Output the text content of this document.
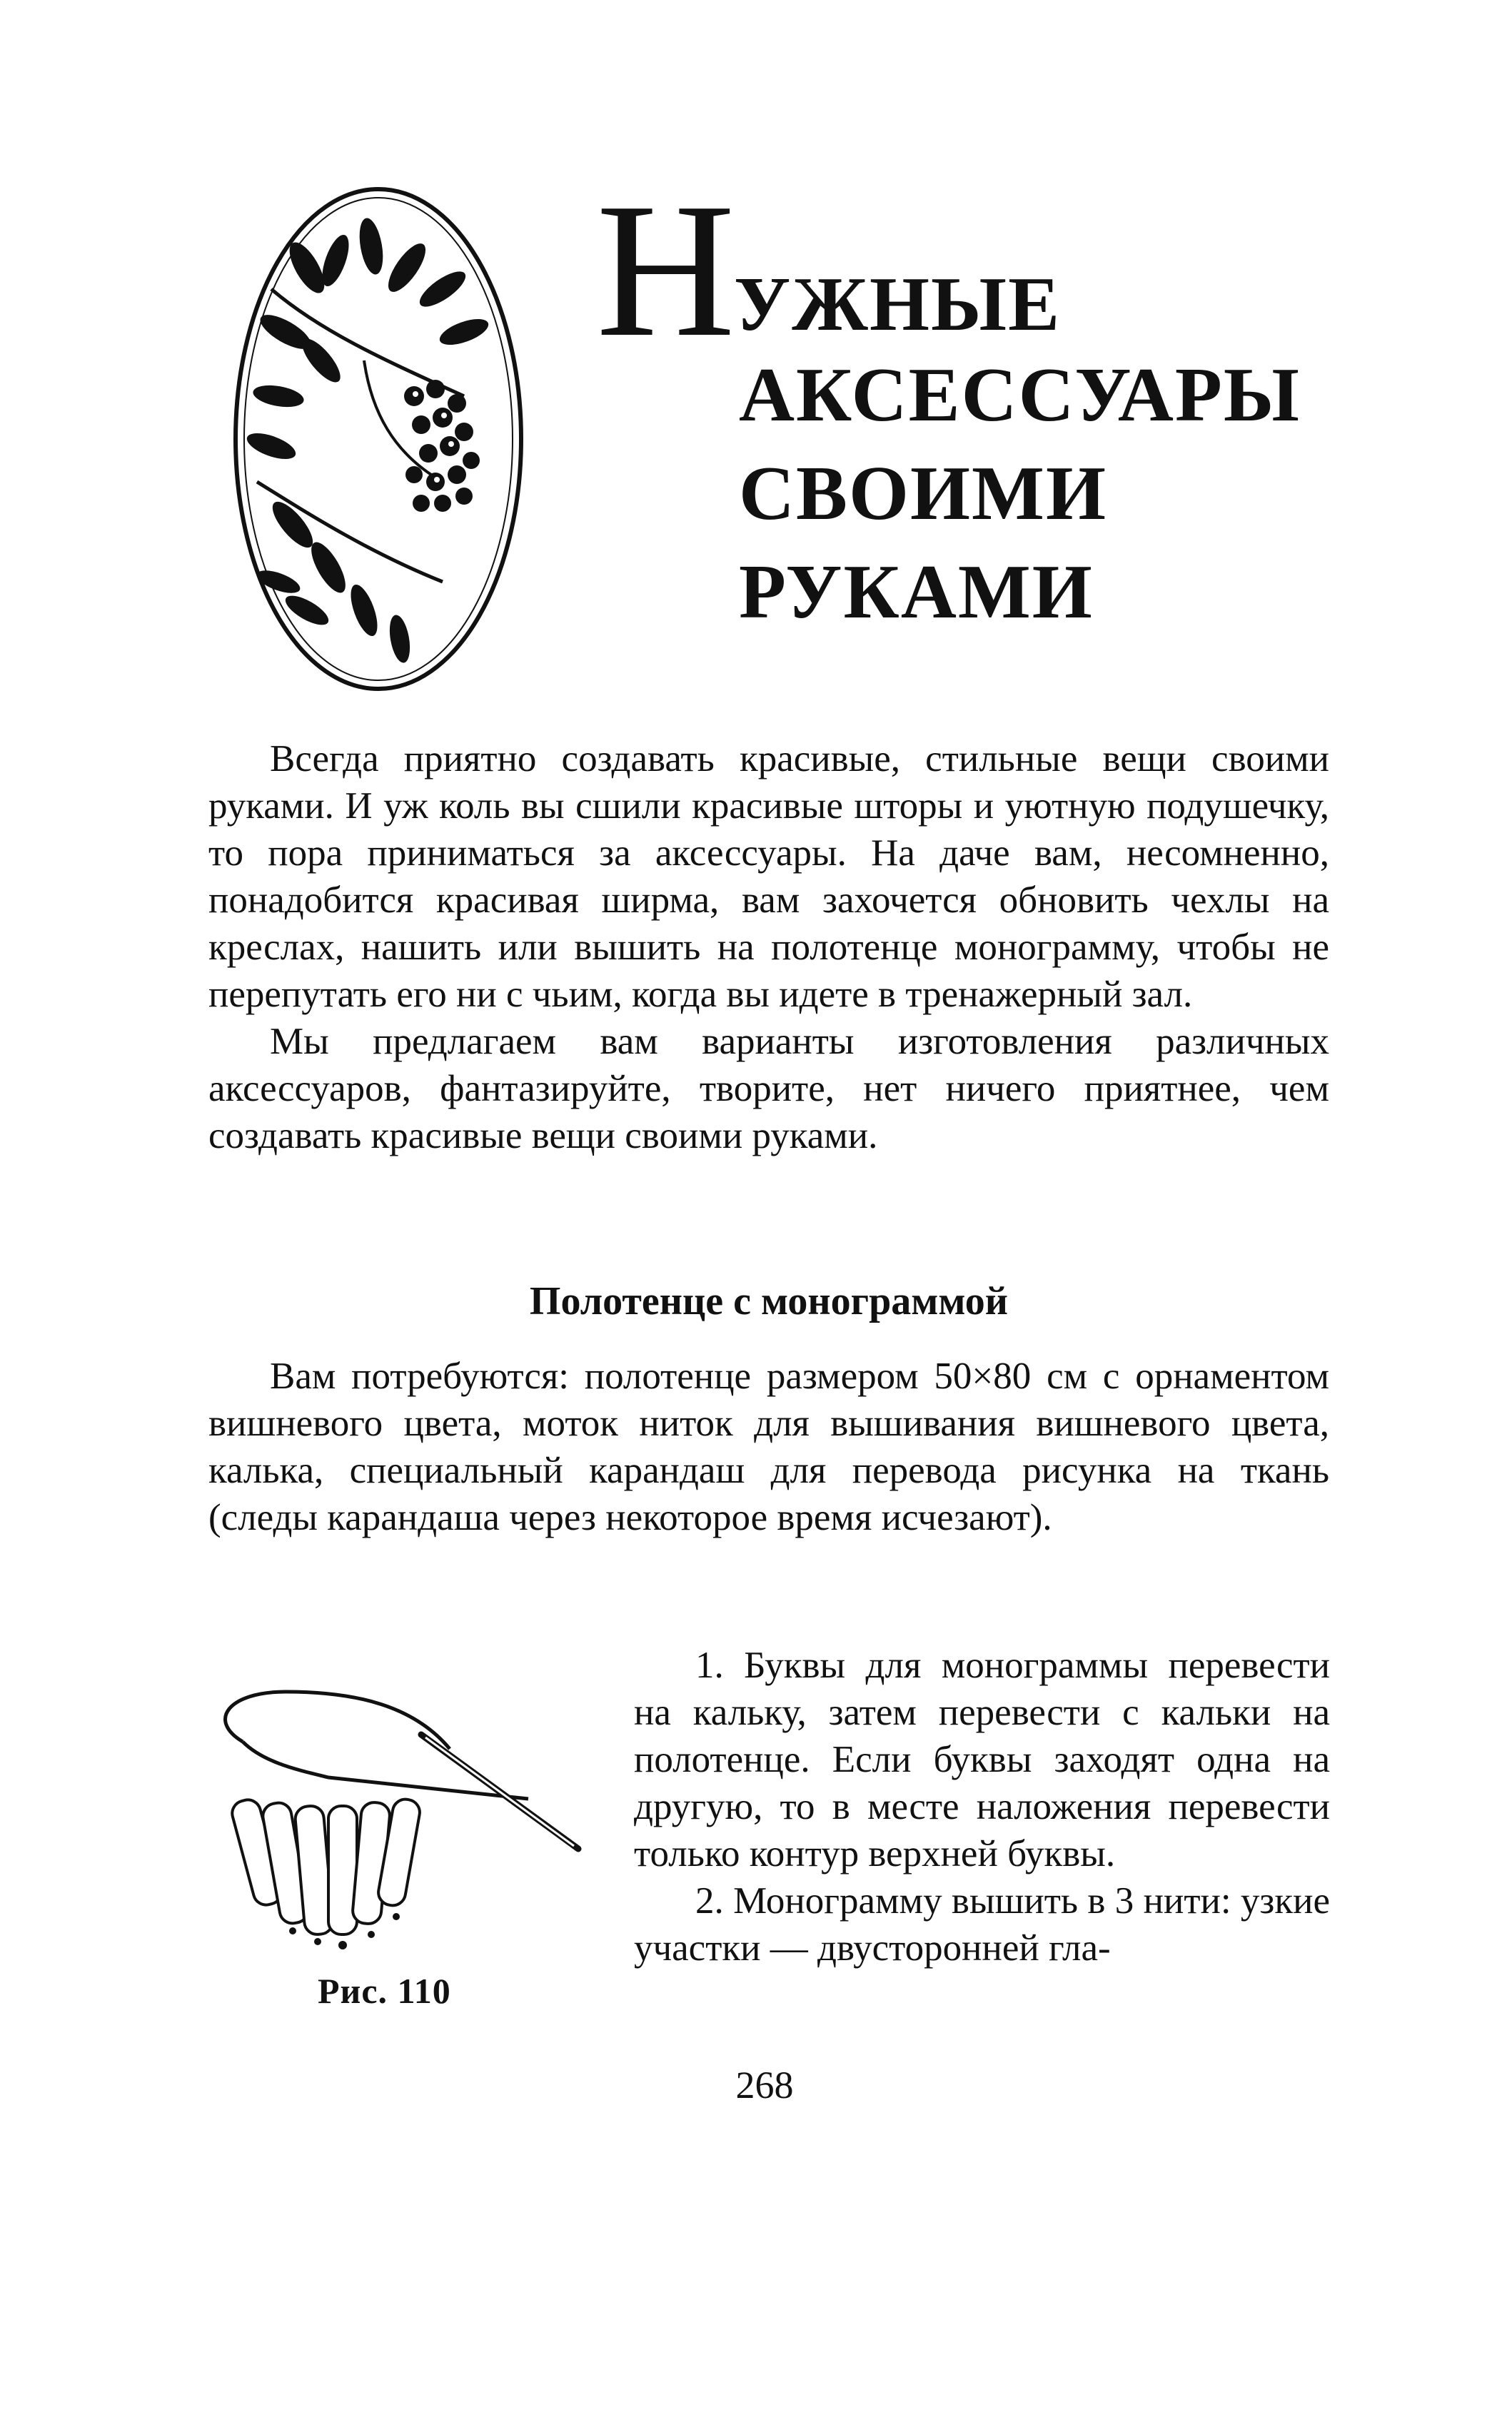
Н УЖНЫЕ
АКСЕССУАРЫ
СВОИМИ
РУКАМИ

Всегда приятно создавать красивые, стильные вещи своими руками. И уж коль вы сшили красивые шторы и уютную подушечку, то пора приниматься за аксессуары. На даче вам, несомненно, понадобится красивая ширма, вам захочется обновить чехлы на креслах, нашить или вышить на полотенце монограмму, чтобы не перепутать его ни с чьим, когда вы идете в тренажерный зал.

Мы предлагаем вам варианты изготовления различных аксессуаров, фантазируйте, творите, нет ничего приятнее, чем создавать красивые вещи своими руками.

Полотенце с монограммой

Вам потребуются: полотенце размером 50×80 см с орнаментом вишневого цвета, моток ниток для вышивания вишневого цвета, калька, специальный карандаш для перевода рисунка на ткань (следы карандаша через некоторое время исчезают).

Рис. 110

1. Буквы для монограммы перевести на кальку, затем перевести с кальки на полотенце. Если буквы заходят одна на другую, то в месте наложения перевести только контур верхней буквы.

2. Монограмму вышить в 3 нити: узкие участки — двусторонней гла-

268
